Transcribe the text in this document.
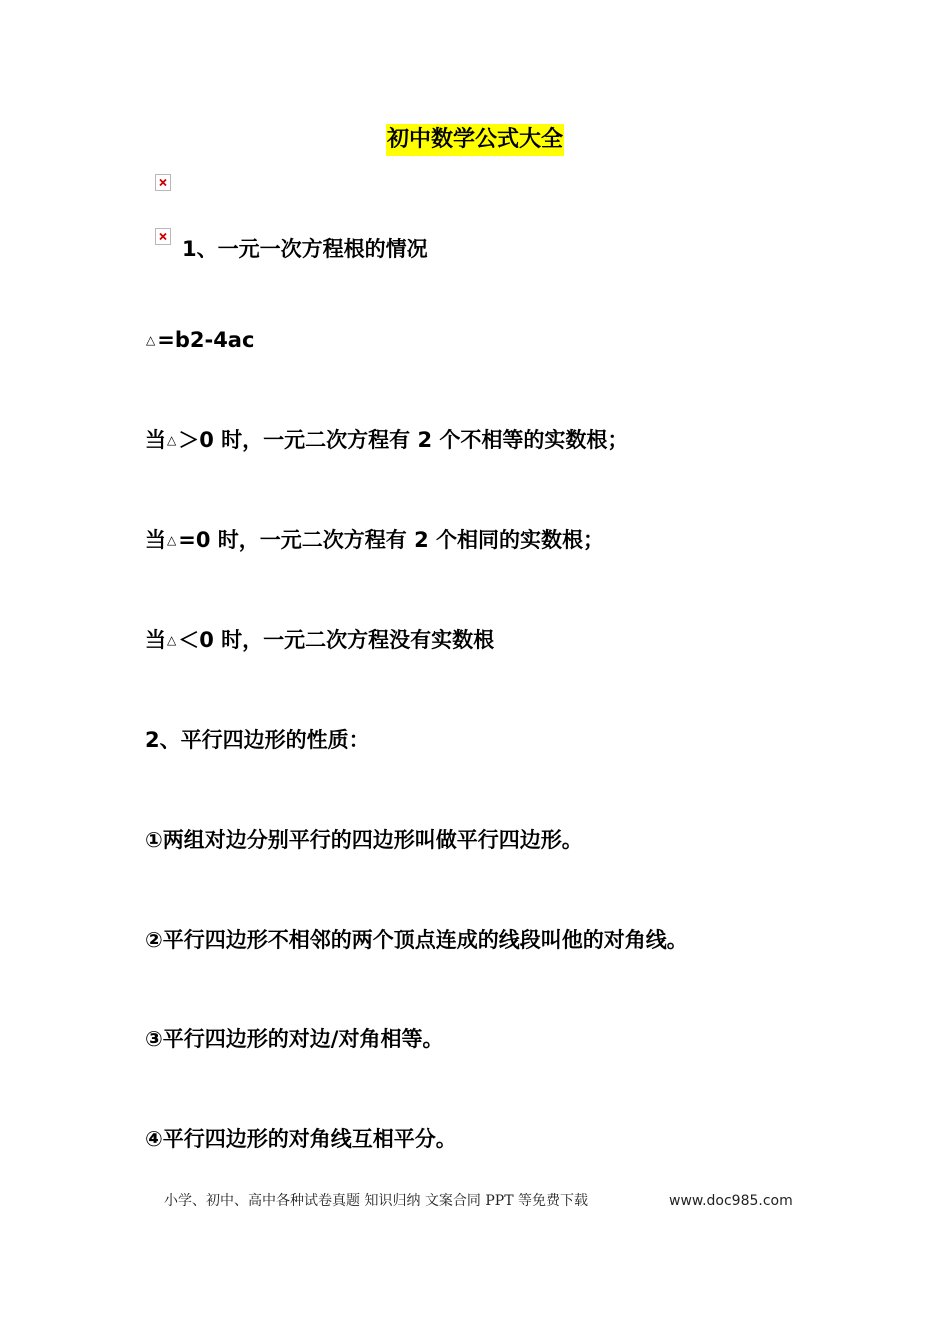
初中数学公式大全
1、一元一次方程根的情况
△=b2-4ac
当△＞0 时，一元二次方程有 2 个不相等的实数根；
当△=0 时，一元二次方程有 2 个相同的实数根；
当△＜0 时，一元二次方程没有实数根
2、平行四边形的性质：
①两组对边分别平行的四边形叫做平行四边形。
②平行四边形不相邻的两个顶点连成的线段叫他的对角线。
③平行四边形的对边/对角相等。
④平行四边形的对角线互相平分。
小学、初中、高中各种试卷真题 知识归纳 文案合同 PPT 等免费下载	www.doc985.com
